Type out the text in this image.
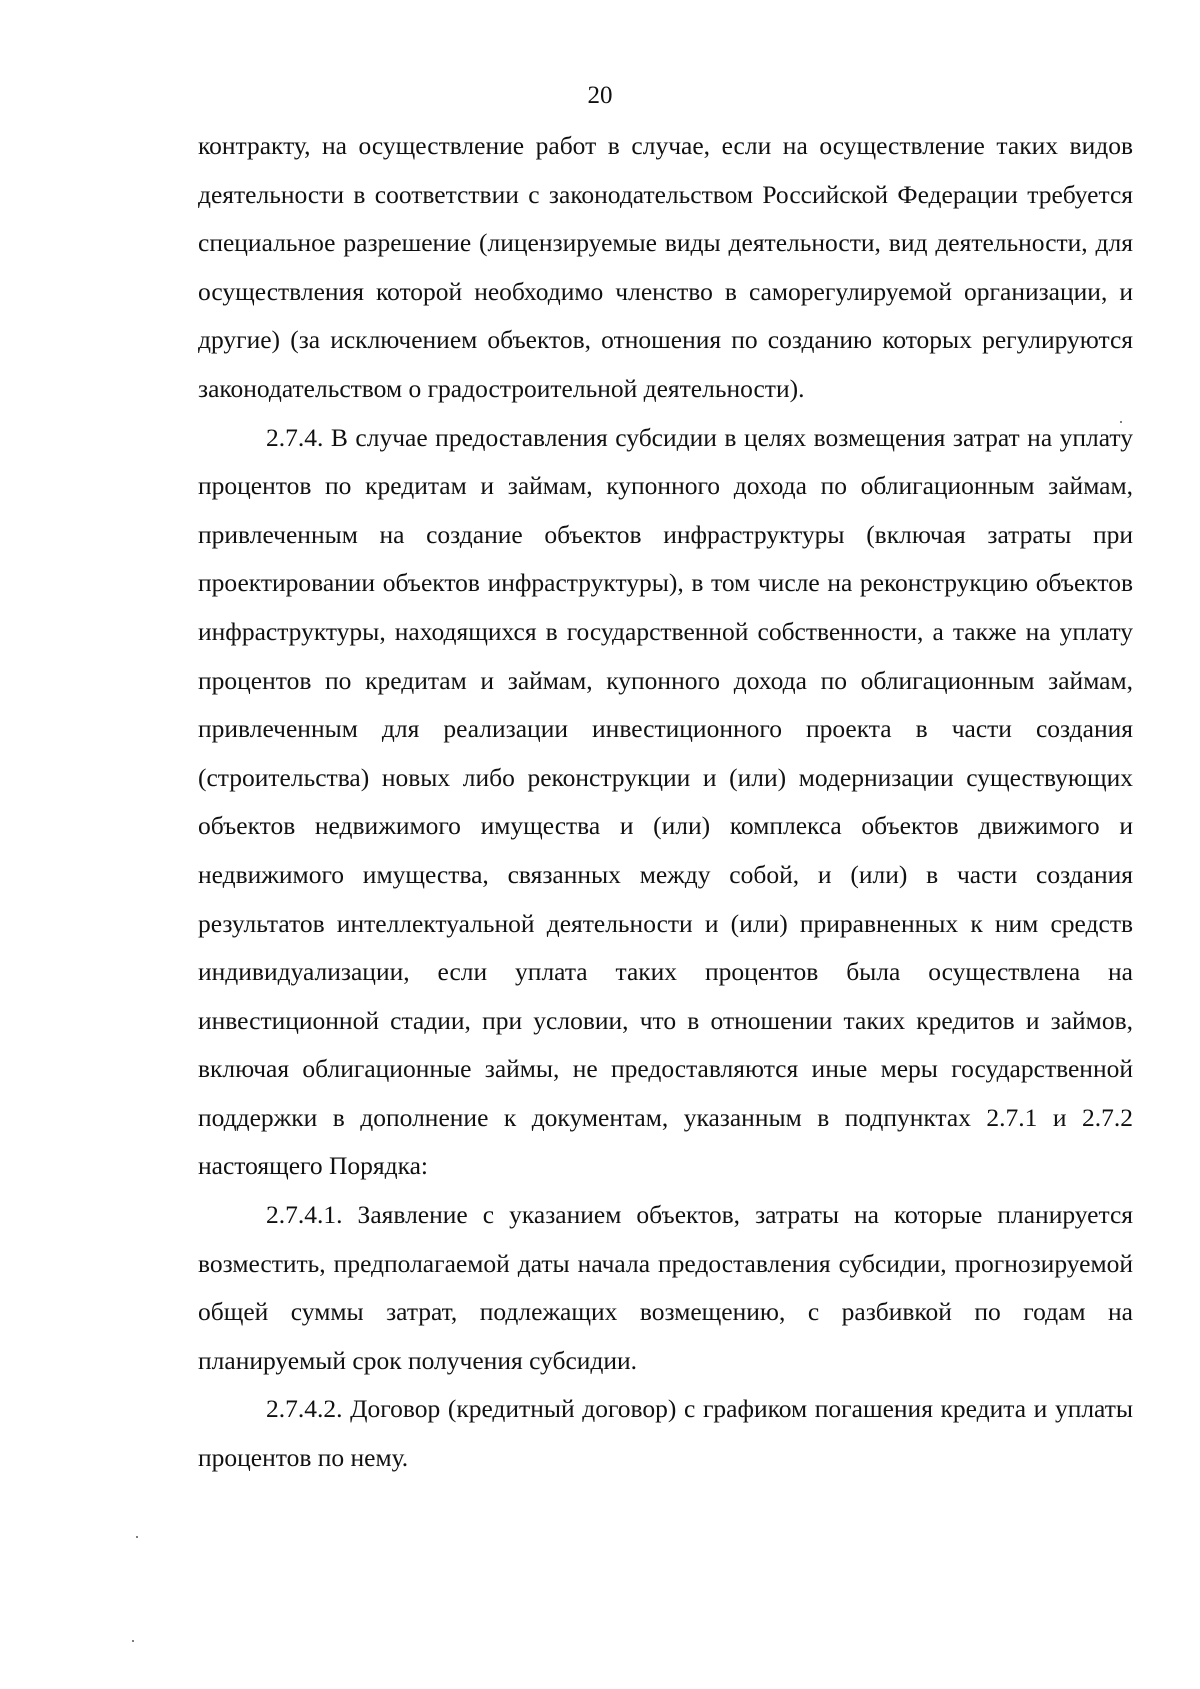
20

контракту, на осуществление работ в случае, если на осуществление таких видов деятельности в соответствии с законодательством Российской Федерации требуется специальное разрешение (лицензируемые виды деятельности, вид деятельности, для осуществления которой необходимо членство в саморегулируемой организации, и другие) (за исключением объектов, отношения по созданию которых регулируются законодательством о градостроительной деятельности).

2.7.4. В случае предоставления субсидии в целях возмещения затрат на уплату процентов по кредитам и займам, купонного дохода по облигационным займам, привлеченным на создание объектов инфраструктуры (включая затраты при проектировании объектов инфраструктуры), в том числе на реконструкцию объектов инфраструктуры, находящихся в государственной собственности, а также на уплату процентов по кредитам и займам, купонного дохода по облигационным займам, привлеченным для реализации инвестиционного проекта в части создания (строительства) новых либо реконструкции и (или) модернизации существующих объектов недвижимого имущества и (или) комплекса объектов движимого и недвижимого имущества, связанных между собой, и (или) в части создания результатов интеллектуальной деятельности и (или) приравненных к ним средств индивидуализации, если уплата таких процентов была осуществлена на инвестиционной стадии, при условии, что в отношении таких кредитов и займов, включая облигационные займы, не предоставляются иные меры государственной поддержки в дополнение к документам, указанным в подпунктах 2.7.1 и 2.7.2 настоящего Порядка:

2.7.4.1. Заявление с указанием объектов, затраты на которые планируется возместить, предполагаемой даты начала предоставления субсидии, прогнозируемой общей суммы затрат, подлежащих возмещению, с разбивкой по годам на планируемый срок получения субсидии.

2.7.4.2. Договор (кредитный договор) с графиком погашения кредита и уплаты процентов по нему.
